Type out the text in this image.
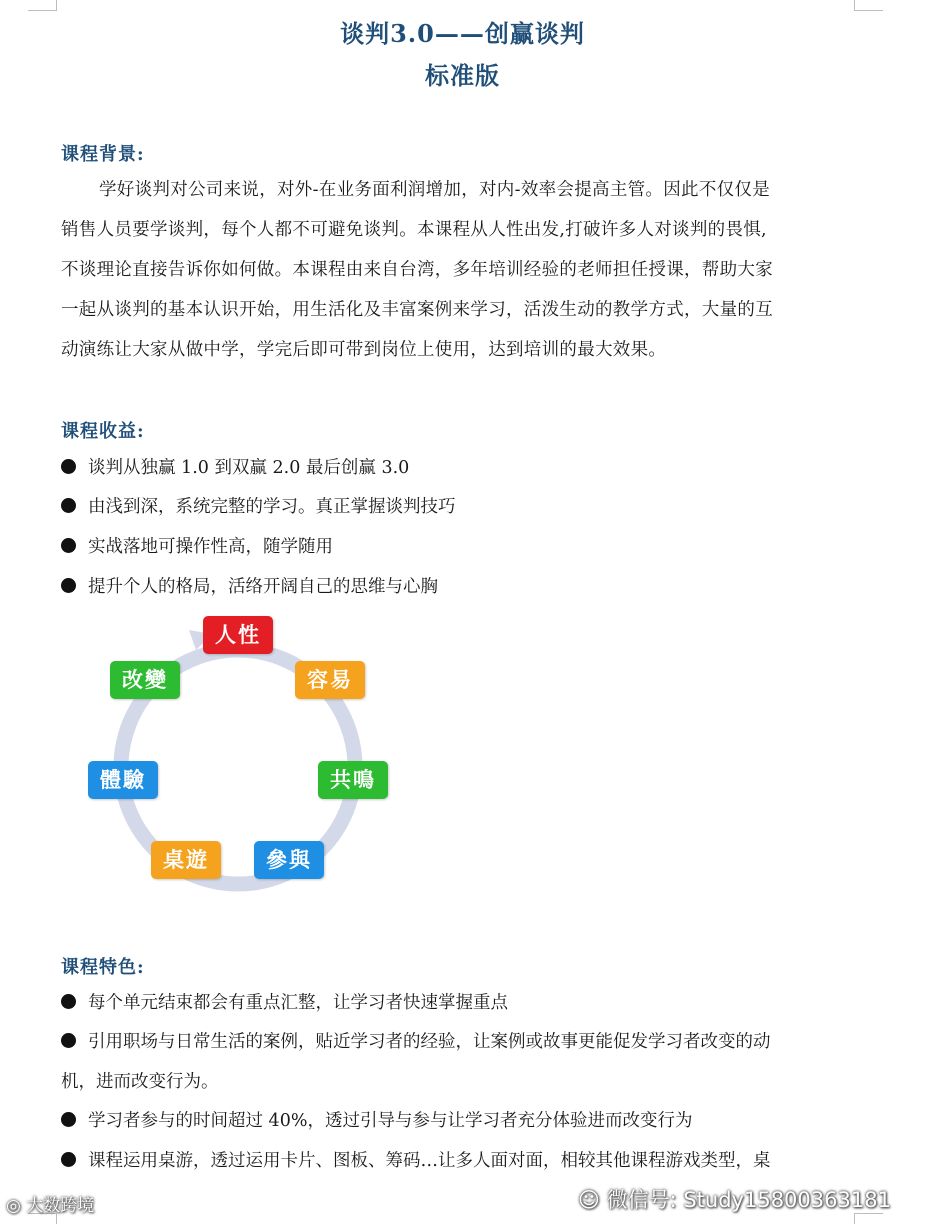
谈判3.0——创赢谈判
标准版
课程背景:
学好谈判对公司来说，对外-在业务面利润增加，对内-效率会提高主管。因此不仅仅是
销售人员要学谈判，每个人都不可避免谈判。本课程从人性出发,打破许多人对谈判的畏惧,
不谈理论直接告诉你如何做。本课程由来自台湾，多年培训经验的老师担任授课，帮助大家
一起从谈判的基本认识开始，用生活化及丰富案例来学习，活泼生动的教学方式，大量的互
动演练让大家从做中学，学完后即可带到岗位上使用，达到培训的最大效果。
课程收益:
谈判从独赢 1.0 到双赢 2.0 最后创赢 3.0
由浅到深，系统完整的学习。真正掌握谈判技巧
实战落地可操作性高，随学随用
提升个人的格局，活络开阔自己的思维与心胸
人性
容易
共鳴
參與
桌遊
體驗
改變
课程特色:
每个单元结束都会有重点汇整，让学习者快速掌握重点
引用职场与日常生活的案例，贴近学习者的经验，让案例或故事更能促发学习者改变的动
机，进而改变行为。
学习者参与的时间超过 40%，透过引导与参与让学习者充分体验进而改变行为
课程运用桌游，透过运用卡片、图板、筹码…让多人面对面，相较其他课程游戏类型，桌
◎ 大数跨境	☺ 微信号: Study15800363181
